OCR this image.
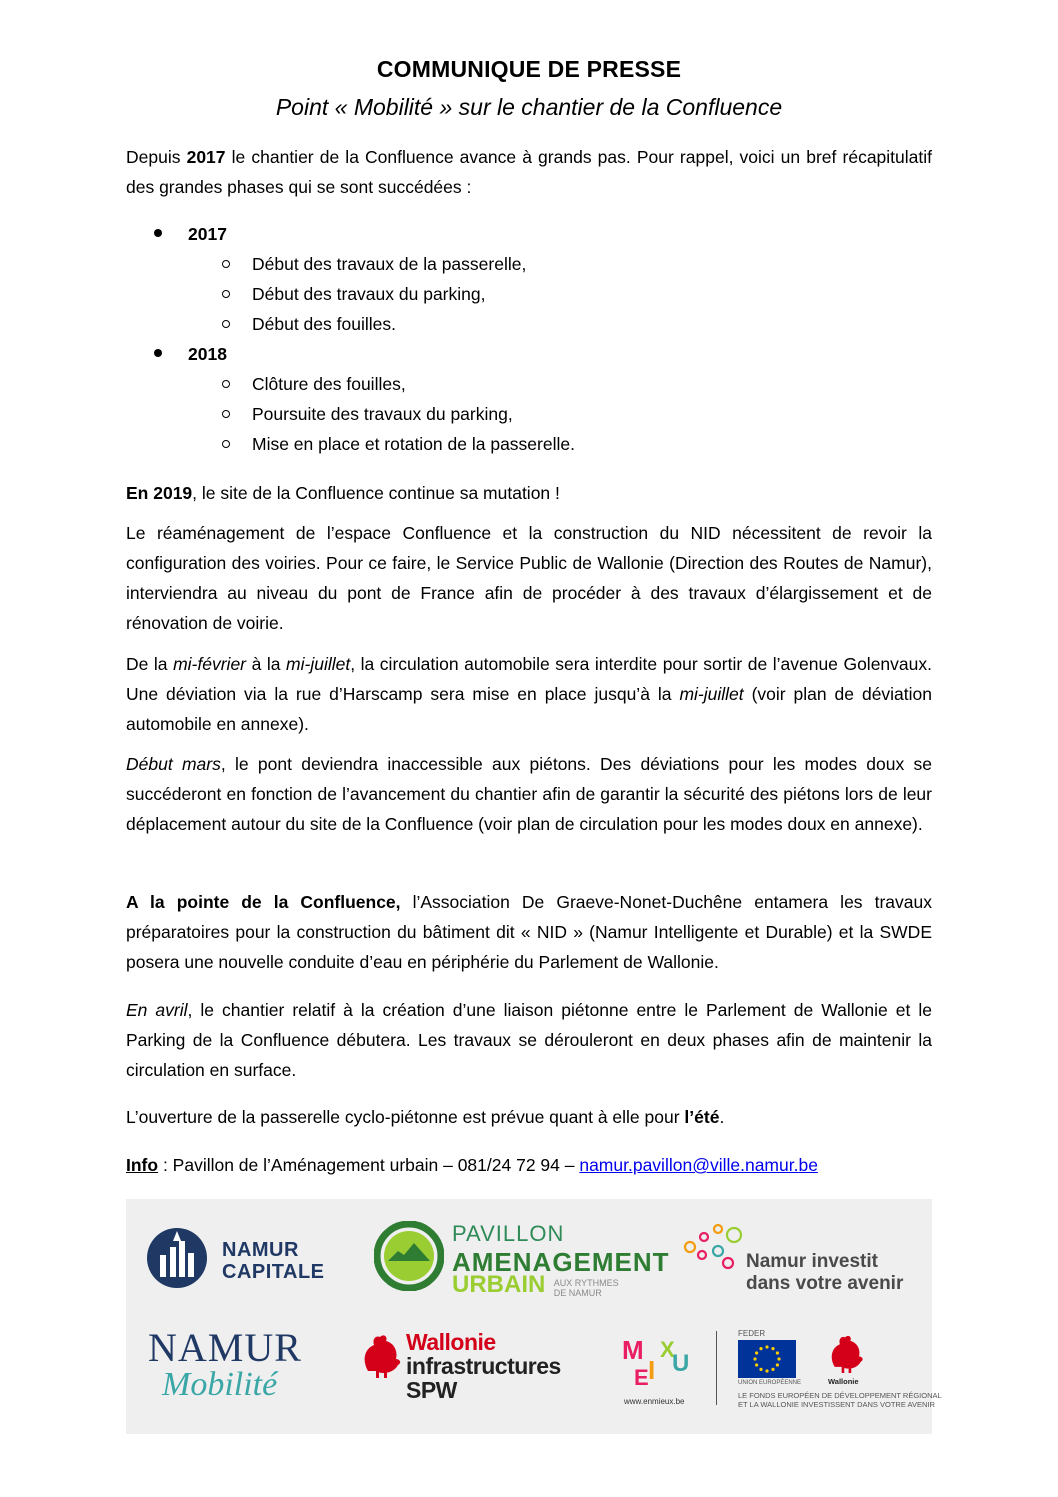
COMMUNIQUE DE PRESSE
Point « Mobilité » sur le chantier de la Confluence
Depuis 2017 le chantier de la Confluence avance à grands pas. Pour rappel, voici un bref récapitulatif des grandes phases qui se sont succédées :
2017
Début des travaux de la passerelle,
Début des travaux du parking,
Début des fouilles.
2018
Clôture des fouilles,
Poursuite des travaux du parking,
Mise en place et rotation de la passerelle.
En 2019, le site de la Confluence continue sa mutation !
Le réaménagement de l’espace Confluence et la construction du NID nécessitent de revoir la configuration des voiries. Pour ce faire, le Service Public de Wallonie (Direction des Routes de Namur), interviendra au niveau du pont de France afin de procéder à des travaux d’élargissement et de rénovation de voirie.
De la mi-février à la mi-juillet, la circulation automobile sera interdite pour sortir de l’avenue Golenvaux. Une déviation via la rue d’Harscamp sera mise en place jusqu’à la mi-juillet (voir plan de déviation automobile en annexe).
Début mars, le pont deviendra inaccessible aux piétons. Des déviations pour les modes doux se succéderont en fonction de l’avancement du chantier afin de garantir la sécurité des piétons lors de leur déplacement autour du site de la Confluence (voir plan de circulation pour les modes doux en annexe).
A la pointe de la Confluence, l’Association De Graeve-Nonet-Duchêne entamera les travaux préparatoires pour la construction du bâtiment dit « NID » (Namur Intelligente et Durable) et la SWDE posera une nouvelle conduite d’eau en périphérie du Parlement de Wallonie.
En avril, le chantier relatif à la création d’une liaison piétonne entre le Parlement de Wallonie et le Parking de la Confluence débutera. Les travaux se dérouleront en deux phases afin de maintenir la circulation en surface.
L’ouverture de la passerelle cyclo-piétonne est prévue quant à elle pour l’été.
Info : Pavillon de l’Aménagement urbain – 081/24 72 94 – namur.pavillon@ville.namur.be
NAMUR
CAPITALE
PAVILLON
AMENAGEMENT
URBAIN AUX RYTHMES
DE NAMUR
Namur investit
dans votre avenir
NAMUR
Mobilité
Wallonie
infrastructures
SPW
M
I
X
U
E
www.enmieux.be
FEDER
UNION EUROPÉENNE	Wallonie
LE FONDS EUROPÉEN DE DÉVELOPPEMENT RÉGIONAL
ET LA WALLONIE INVESTISSENT DANS VOTRE AVENIR
